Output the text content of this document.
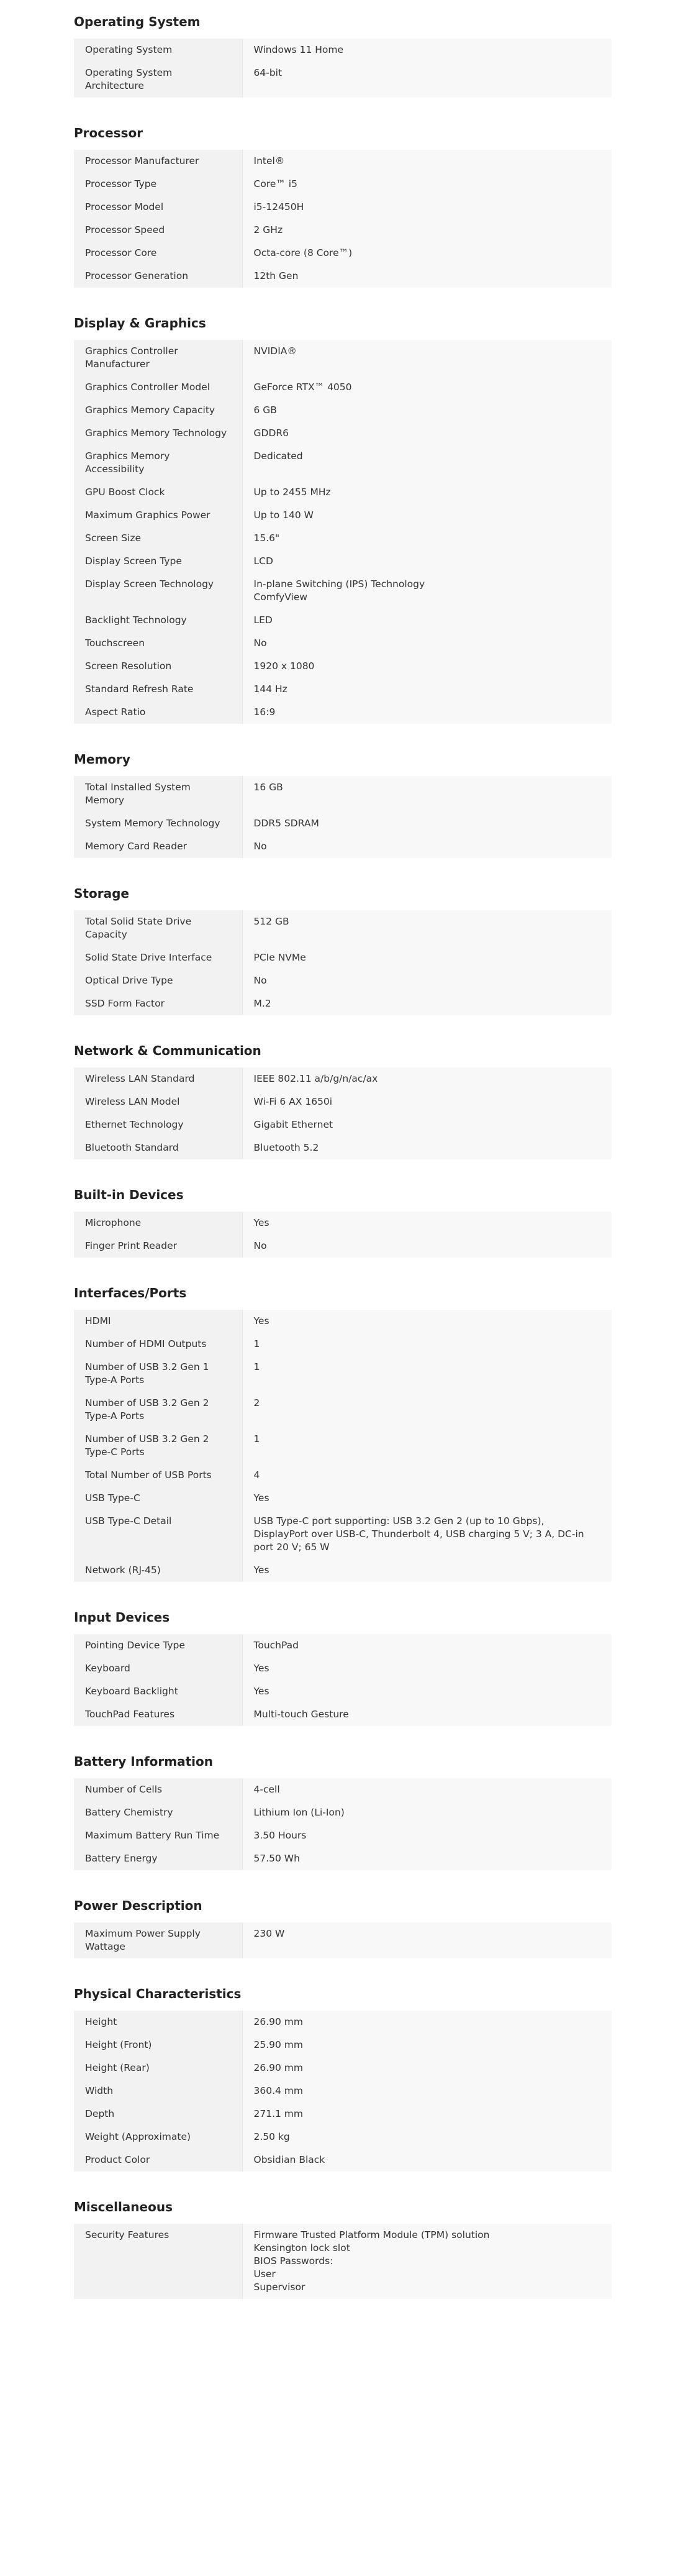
Operating System
Operating System	Windows 11 Home
Operating System Architecture	64-bit
Processor
Processor Manufacturer	Intel®
Processor Type	Core™ i5
Processor Model	i5-12450H
Processor Speed	2 GHz
Processor Core	Octa-core (8 Core™)
Processor Generation	12th Gen
Display & Graphics
Graphics Controller Manufacturer	NVIDIA®
Graphics Controller Model	GeForce RTX™ 4050
Graphics Memory Capacity	6 GB
Graphics Memory Technology	GDDR6
Graphics Memory Accessibility	Dedicated
GPU Boost Clock	Up to 2455 MHz
Maximum Graphics Power	Up to 140 W
Screen Size	15.6"
Display Screen Type	LCD
Display Screen Technology	In-plane Switching (IPS) Technology
ComfyView
Backlight Technology	LED
Touchscreen	No
Screen Resolution	1920 x 1080
Standard Refresh Rate	144 Hz
Aspect Ratio	16:9
Memory
Total Installed System Memory	16 GB
System Memory Technology	DDR5 SDRAM
Memory Card Reader	No
Storage
Total Solid State Drive Capacity	512 GB
Solid State Drive Interface	PCIe NVMe
Optical Drive Type	No
SSD Form Factor	M.2
Network & Communication
Wireless LAN Standard	IEEE 802.11 a/b/g/n/ac/ax
Wireless LAN Model	Wi-Fi 6 AX 1650i
Ethernet Technology	Gigabit Ethernet
Bluetooth Standard	Bluetooth 5.2
Built-in Devices
Microphone	Yes
Finger Print Reader	No
Interfaces/Ports
HDMI	Yes
Number of HDMI Outputs	1
Number of USB 3.2 Gen 1 Type-A Ports	1
Number of USB 3.2 Gen 2 Type-A Ports	2
Number of USB 3.2 Gen 2 Type-C Ports	1
Total Number of USB Ports	4
USB Type-C	Yes
USB Type-C Detail	USB Type-C port supporting: USB 3.2 Gen 2 (up to 10 Gbps), DisplayPort over USB-C, Thunderbolt 4, USB charging 5 V; 3 A, DC-in port 20 V; 65 W
Network (RJ-45)	Yes
Input Devices
Pointing Device Type	TouchPad
Keyboard	Yes
Keyboard Backlight	Yes
TouchPad Features	Multi-touch Gesture
Battery Information
Number of Cells	4-cell
Battery Chemistry	Lithium Ion (Li-Ion)
Maximum Battery Run Time	3.50 Hours
Battery Energy	57.50 Wh
Power Description
Maximum Power Supply Wattage	230 W
Physical Characteristics
Height	26.90 mm
Height (Front)	25.90 mm
Height (Rear)	26.90 mm
Width	360.4 mm
Depth	271.1 mm
Weight (Approximate)	2.50 kg
Product Color	Obsidian Black
Miscellaneous
Security Features	Firmware Trusted Platform Module (TPM) solution
Kensington lock slot
BIOS Passwords:
User
Supervisor
